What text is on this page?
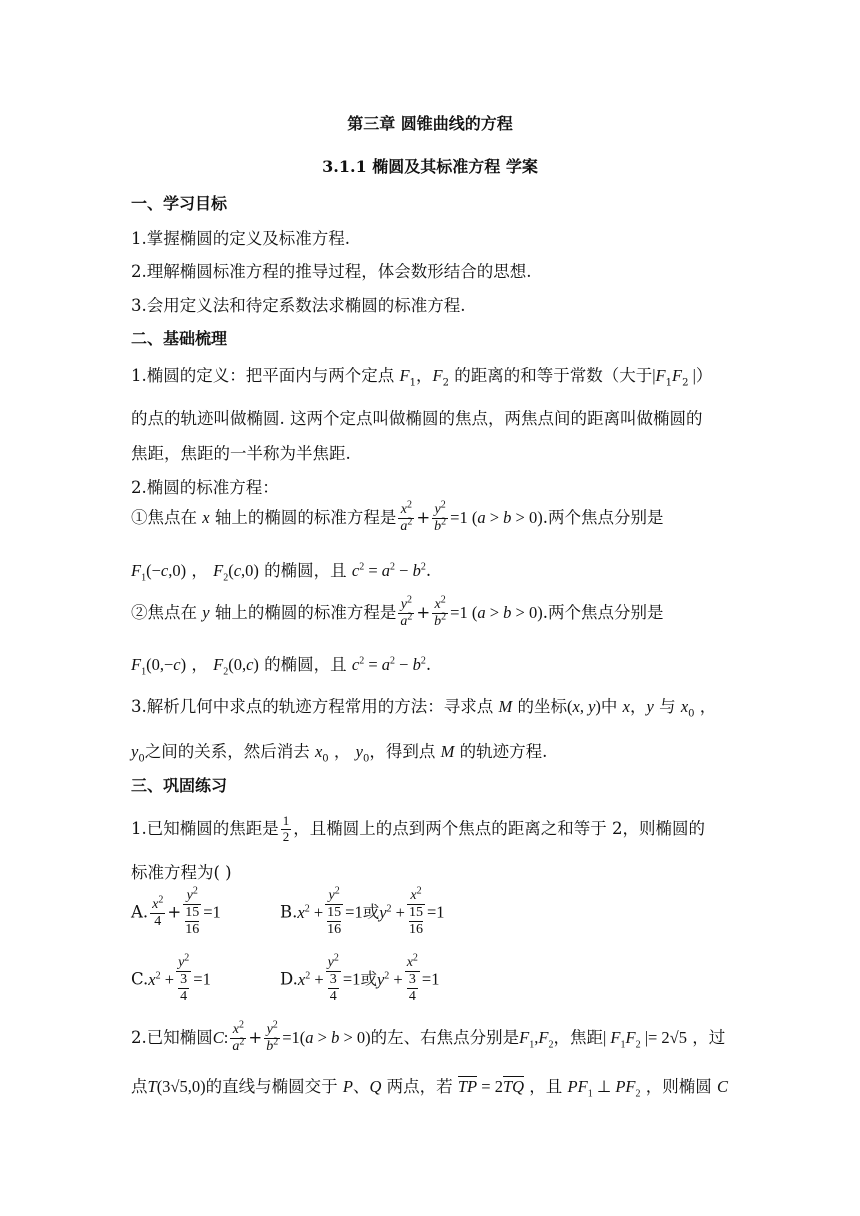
第三章 圆锥曲线的方程
3.1.1 椭圆及其标准方程 学案
一、学习目标
1.掌握椭圆的定义及标准方程.
2.理解椭圆标准方程的推导过程，体会数形结合的思想.
3.会用定义法和待定系数法求椭圆的标准方程.
二、基础梳理
1.椭圆的定义：把平面内与两个定点 $F_1$，$F_2$ 的距离的和等于常数（大于$|F_1F_2$ |）
的点的轨迹叫做椭圆. 这两个定点叫做椭圆的焦点，两焦点间的距离叫做椭圆的
焦距，焦距的一半称为半焦距.
2.椭圆的标准方程：
①焦点在 x 轴上的椭圆的标准方程是 $\frac{x^2}{a^2} + \frac{y^2}{b^2} =1$ (a > b > 0).两个焦点分别是
$F_1(-c,0)$ ， $F_2(c,0)$ 的椭圆，且 $c^2 = a^2 - b^2$.
②焦点在 y 轴上的椭圆的标准方程是 $\frac{y^2}{a^2} + \frac{x^2}{b^2} =1$ (a > b > 0).两个焦点分别是
$F_1(0,-c)$ ， $F_2(0,c)$ 的椭圆，且 $c^2 = a^2 - b^2$.
3.解析几何中求点的轨迹方程常用的方法：寻求点 M 的坐标(x, y)中 x，y 与 $x_0$ ，
$y_0$之间的关系，然后消去 $x_0$ ， $y_0$，得到点 M 的轨迹方程.
三、巩固练习
1.已知椭圆的焦距是 $\frac{1}{2}$ ，且椭圆上的点到两个焦点的距离之和等于 2，则椭圆的
标准方程为( )
A. $\frac{x^2}{4} + y^2$
15
16 =1	$B.x^2 + y^2$
15
16 =1或$y^2 + x^2$
15
16 =1
$C.x^2 + y^2$
3
4 =1	$D.x^2 + y^2$
3
4 =1或$y^2 + x^2$
3
4 =1
2.已知椭圆C: $\frac{x^2}{a^2} + \frac{y^2}{b^2} =1(a > b > 0)$的左、右焦点分别是$F_1,F_2$，焦距| $F_1F_2$ |= 2√5 ，过
点T(3√5,0)的直线与椭圆交于 P、Q 两点，若 TP = 2TQ ，且 $PF_1$ ⊥ $PF_2$ ，则椭圆 C
